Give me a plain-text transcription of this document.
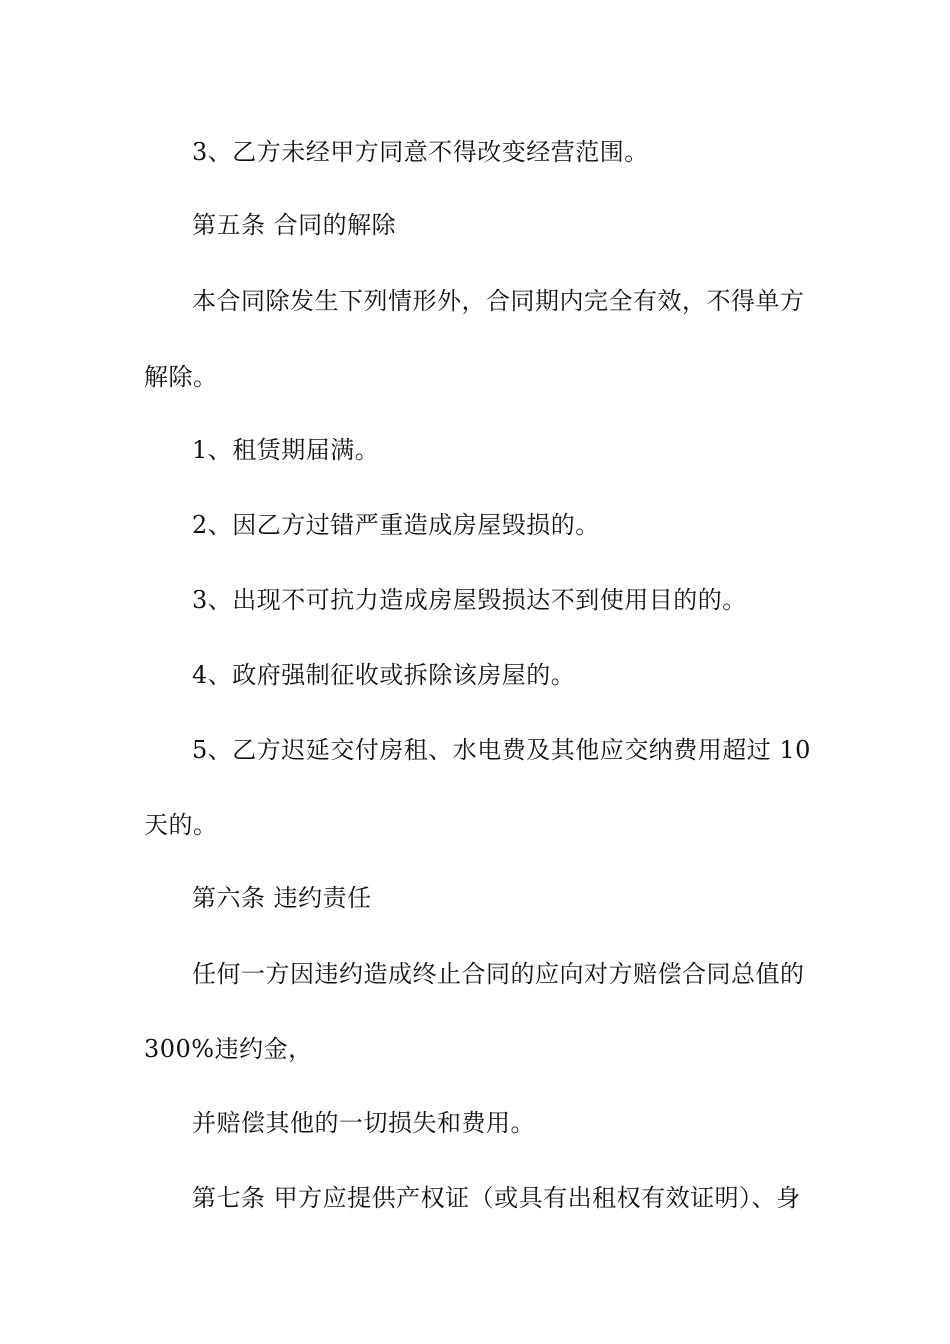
3、乙方未经甲方同意不得改变经营范围。
第五条 合同的解除
本合同除发生下列情形外，合同期内完全有效，不得单方
解除。
1、租赁期届满。
2、因乙方过错严重造成房屋毁损的。
3、出现不可抗力造成房屋毁损达不到使用目的的。
4、政府强制征收或拆除该房屋的。
5、乙方迟延交付房租、水电费及其他应交纳费用超过 10
天的。
第六条 违约责任
任何一方因违约造成终止合同的应向对方赔偿合同总值的
300%违约金，
并赔偿其他的一切损失和费用。
第七条 甲方应提供产权证（或具有出租权有效证明）、身
